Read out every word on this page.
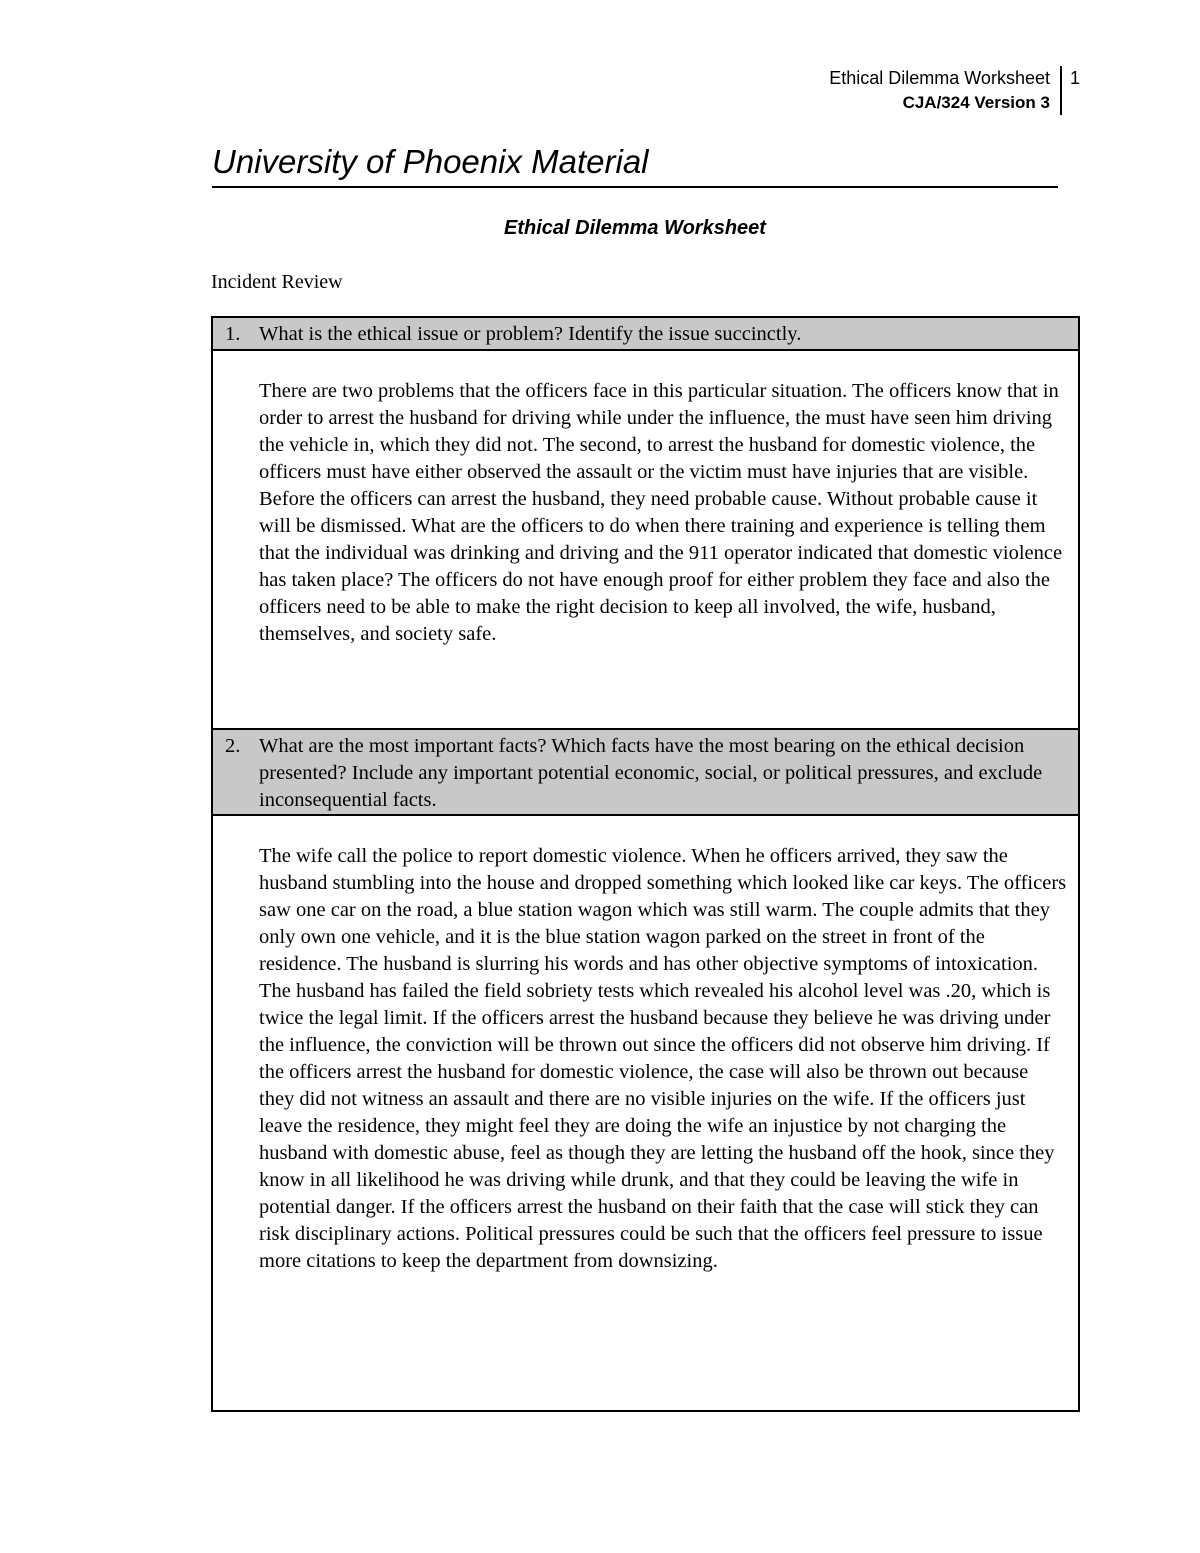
Ethical Dilemma Worksheet
CJA/324 Version 3
1
University of Phoenix Material
Ethical Dilemma Worksheet
Incident Review
1. What is the ethical issue or problem? Identify the issue succinctly.

There are two problems that the officers face in this particular situation. The officers know that in order to arrest the husband for driving while under the influence, the must have seen him driving the vehicle in, which they did not. The second, to arrest the husband for domestic violence, the officers must have either observed the assault or the victim must have injuries that are visible. Before the officers can arrest the husband, they need probable cause. Without probable cause it will be dismissed. What are the officers to do when there training and experience is telling them that the individual was drinking and driving and the 911 operator indicated that domestic violence has taken place? The officers do not have enough proof for either problem they face and also the officers need to be able to make the right decision to keep all involved, the wife, husband, themselves, and society safe.

2. What are the most important facts? Which facts have the most bearing on the ethical decision presented? Include any important potential economic, social, or political pressures, and exclude inconsequential facts.

The wife call the police to report domestic violence. When he officers arrived, they saw the husband stumbling into the house and dropped something which looked like car keys. The officers saw one car on the road, a blue station wagon which was still warm. The couple admits that they only own one vehicle, and it is the blue station wagon parked on the street in front of the residence. The husband is slurring his words and has other objective symptoms of intoxication. The husband has failed the field sobriety tests which revealed his alcohol level was .20, which is twice the legal limit. If the officers arrest the husband because they believe he was driving under the influence, the conviction will be thrown out since the officers did not observe him driving. If the officers arrest the husband for domestic violence, the case will also be thrown out because they did not witness an assault and there are no visible injuries on the wife. If the officers just leave the residence, they might feel they are doing the wife an injustice by not charging the husband with domestic abuse, feel as though they are letting the husband off the hook, since they know in all likelihood he was driving while drunk, and that they could be leaving the wife in potential danger. If the officers arrest the husband on their faith that the case will stick they can risk disciplinary actions. Political pressures could be such that the officers feel pressure to issue more citations to keep the department from downsizing.
